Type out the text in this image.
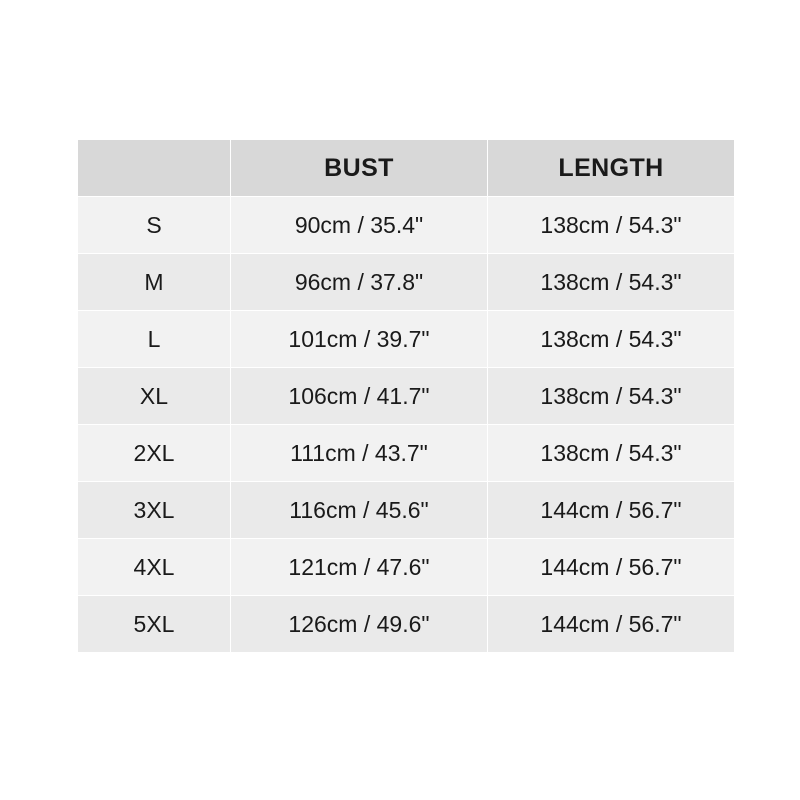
	BUST	LENGTH
S	90cm / 35.4"	138cm / 54.3"
M	96cm / 37.8"	138cm / 54.3"
L	101cm / 39.7"	138cm / 54.3"
XL	106cm / 41.7"	138cm / 54.3"
2XL	111cm / 43.7"	138cm / 54.3"
3XL	116cm / 45.6"	144cm / 56.7"
4XL	121cm / 47.6"	144cm / 56.7"
5XL	126cm / 49.6"	144cm / 56.7"
